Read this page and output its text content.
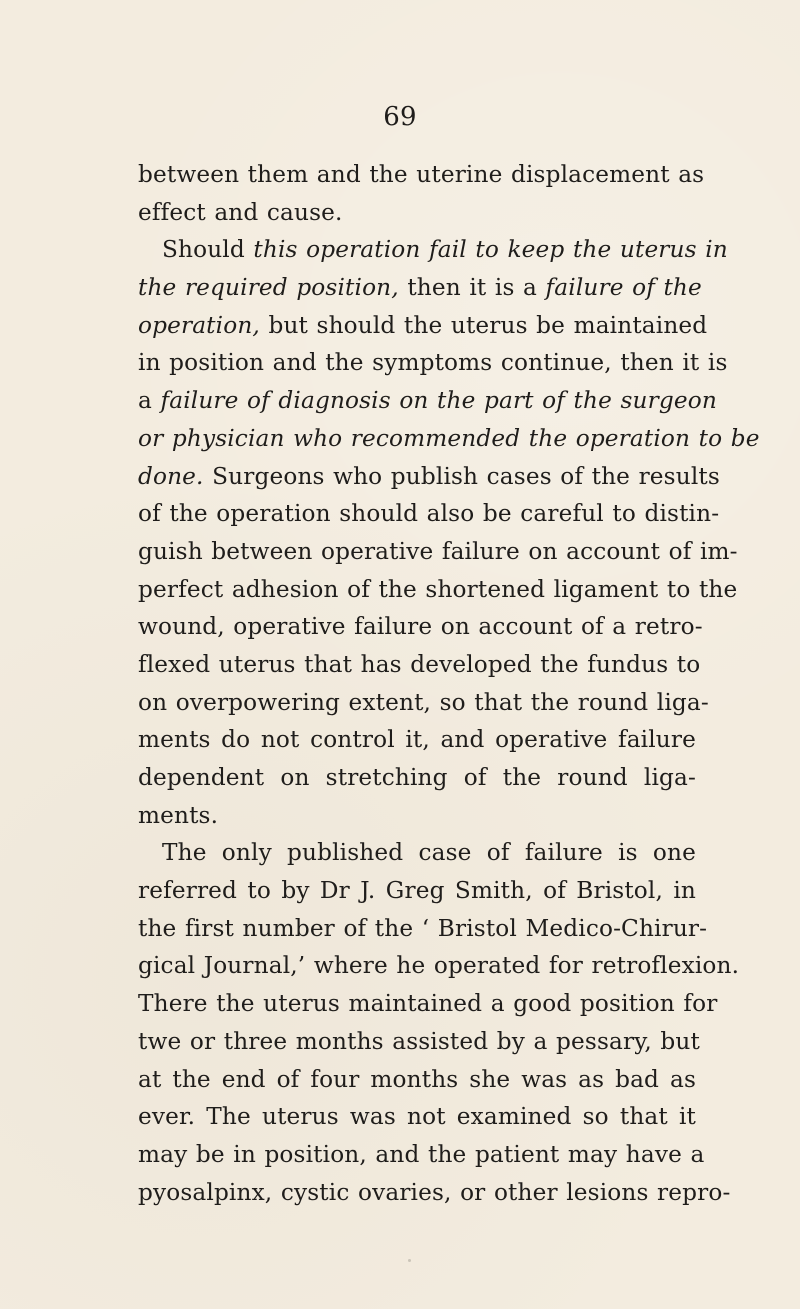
69
between them and the uterine displacement as
effect and cause.
Should this operation fail to keep the uterus in
the required position, then it is a failure of the
operation, but should the uterus be maintained
in position and the symptoms continue, then it is
a failure of diagnosis on the part of the surgeon
or physician who recommended the operation to be
done. Surgeons who publish cases of the results
of the operation should also be careful to distin-
guish between operative failure on account of im-
perfect adhesion of the shortened ligament to the
wound, operative failure on account of a retro-
flexed uterus that has developed the fundus to
on overpowering extent, so that the round liga-
ments do not control it, and operative failure
dependent on stretching of the round liga-
ments.
The only published case of failure is one
referred to by Dr J. Greg Smith, of Bristol, in
the first number of the ‘ Bristol Medico-Chirur-
gical Journal,’ where he operated for retroflexion.
There the uterus maintained a good position for
twe or three months assisted by a pessary, but
at the end of four months she was as bad as
ever. The uterus was not examined so that it
may be in position, and the patient may have a
pyosalpinx, cystic ovaries, or other lesions repro-
